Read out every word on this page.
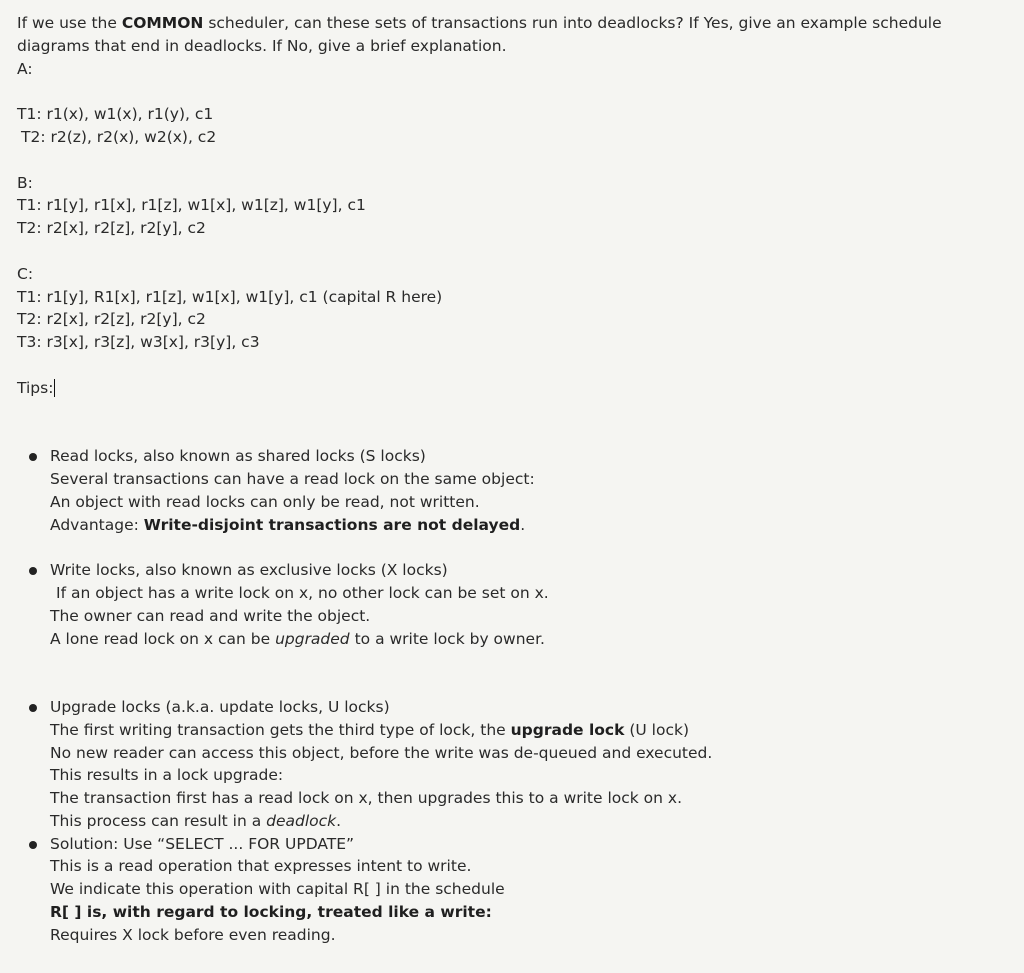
If we use the COMMON scheduler, can these sets of transactions run into deadlocks? If Yes, give an example schedule
diagrams that end in deadlocks. If No, give a brief explanation.
A:
T1: r1(x), w1(x), r1(y), c1
T2: r2(z), r2(x), w2(x), c2
B:
T1: r1[y], r1[x], r1[z], w1[x], w1[z], w1[y], c1
T2: r2[x], r2[z], r2[y], c2
C:
T1: r1[y], R1[x], r1[z], w1[x], w1[y], c1 (capital R here)
T2: r2[x], r2[z], r2[y], c2
T3: r3[x], r3[z], w3[x], r3[y], c3
Tips:
Read locks, also known as shared locks (S locks)
Several transactions can have a read lock on the same object:
An object with read locks can only be read, not written.
Advantage: Write-disjoint transactions are not delayed.
Write locks, also known as exclusive locks (X locks)
If an object has a write lock on x, no other lock can be set on x.
The owner can read and write the object.
A lone read lock on x can be upgraded to a write lock by owner.
Upgrade locks (a.k.a. update locks, U locks)
The first writing transaction gets the third type of lock, the upgrade lock (U lock)
No new reader can access this object, before the write was de-queued and executed.
This results in a lock upgrade:
The transaction first has a read lock on x, then upgrades this to a write lock on x.
This process can result in a deadlock.
Solution: Use “SELECT ... FOR UPDATE”
This is a read operation that expresses intent to write.
We indicate this operation with capital R[ ] in the schedule
R[ ] is, with regard to locking, treated like a write:
Requires X lock before even reading.
